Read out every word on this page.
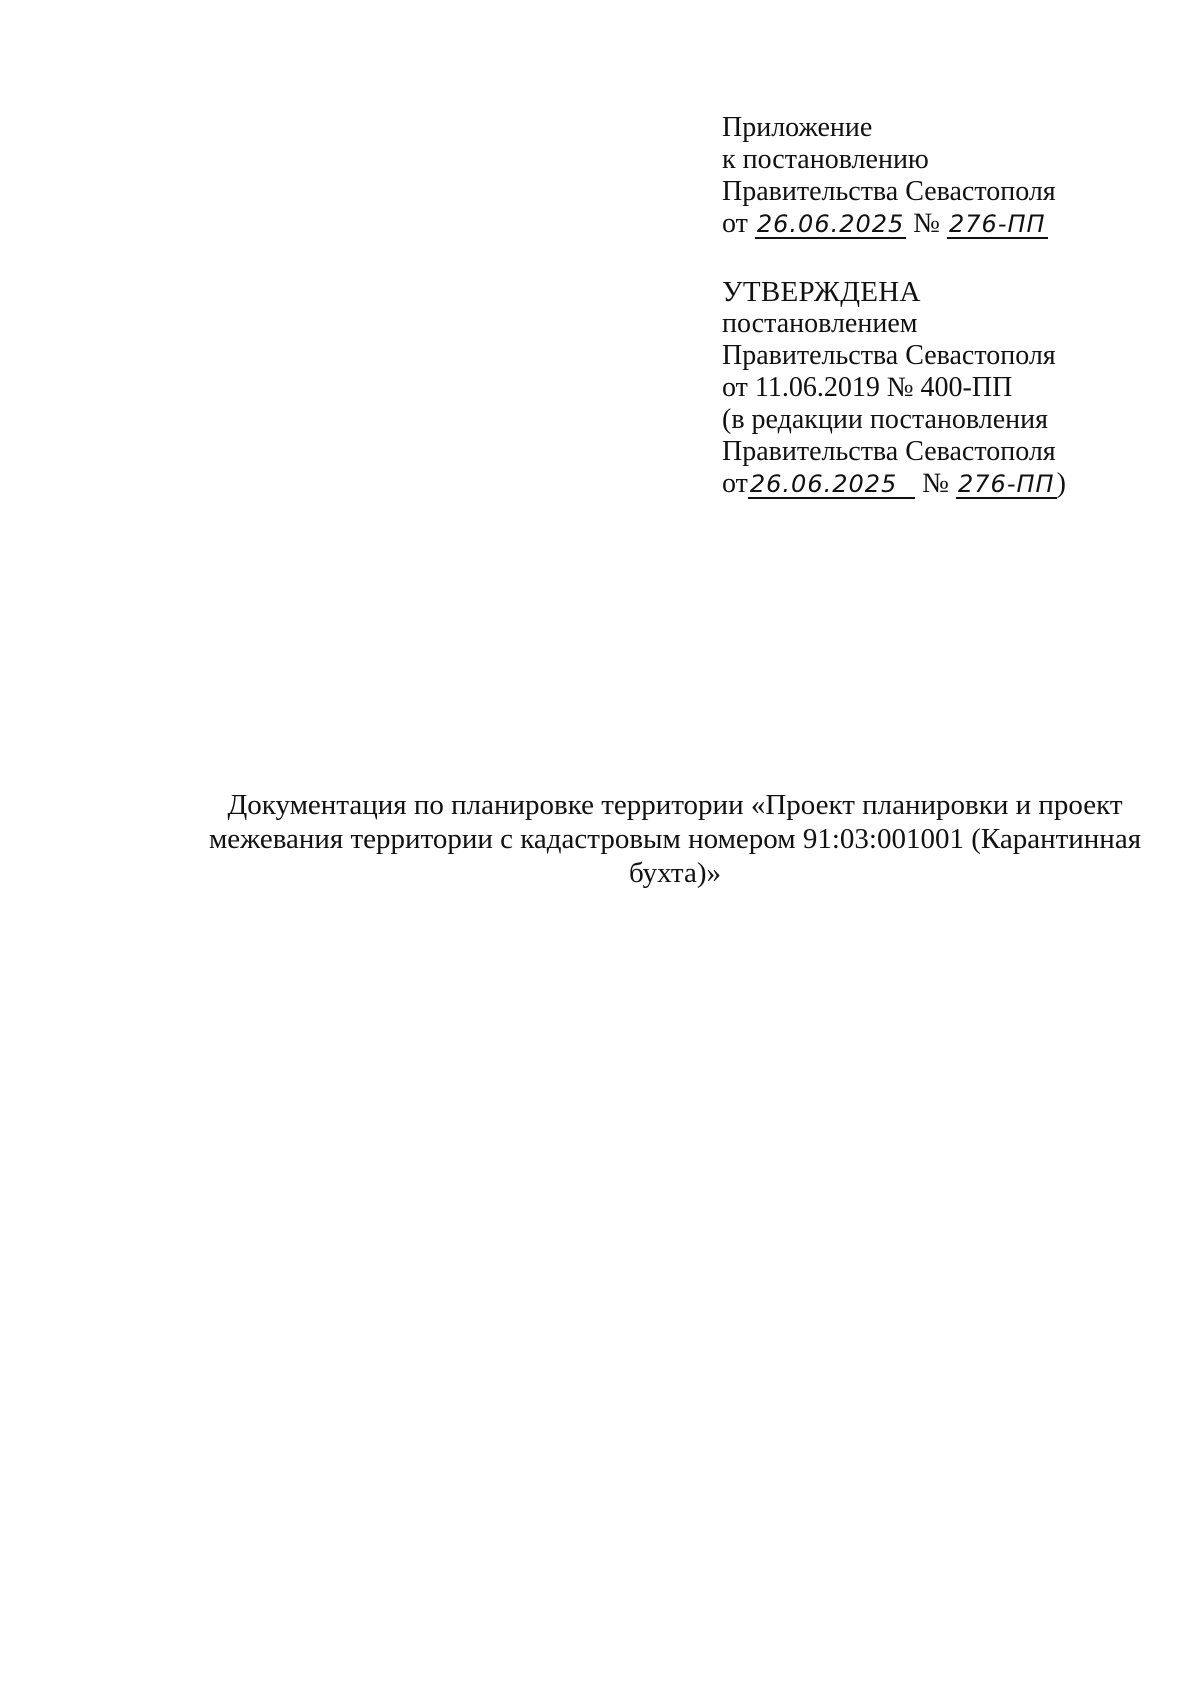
Приложение
к постановлению
Правительства Севастополя
от 26.06.2025 № 276-ПП
УТВЕРЖДЕНА
постановлением
Правительства Севастополя
от 11.06.2019 № 400-ПП
(в редакции постановления
Правительства Севастополя
от26.06.2025 № 276-ПП)
Документация по планировке территории «Проект планировки и проект
межевания территории с кадастровым номером 91:03:001001 (Карантинная
бухта)»
